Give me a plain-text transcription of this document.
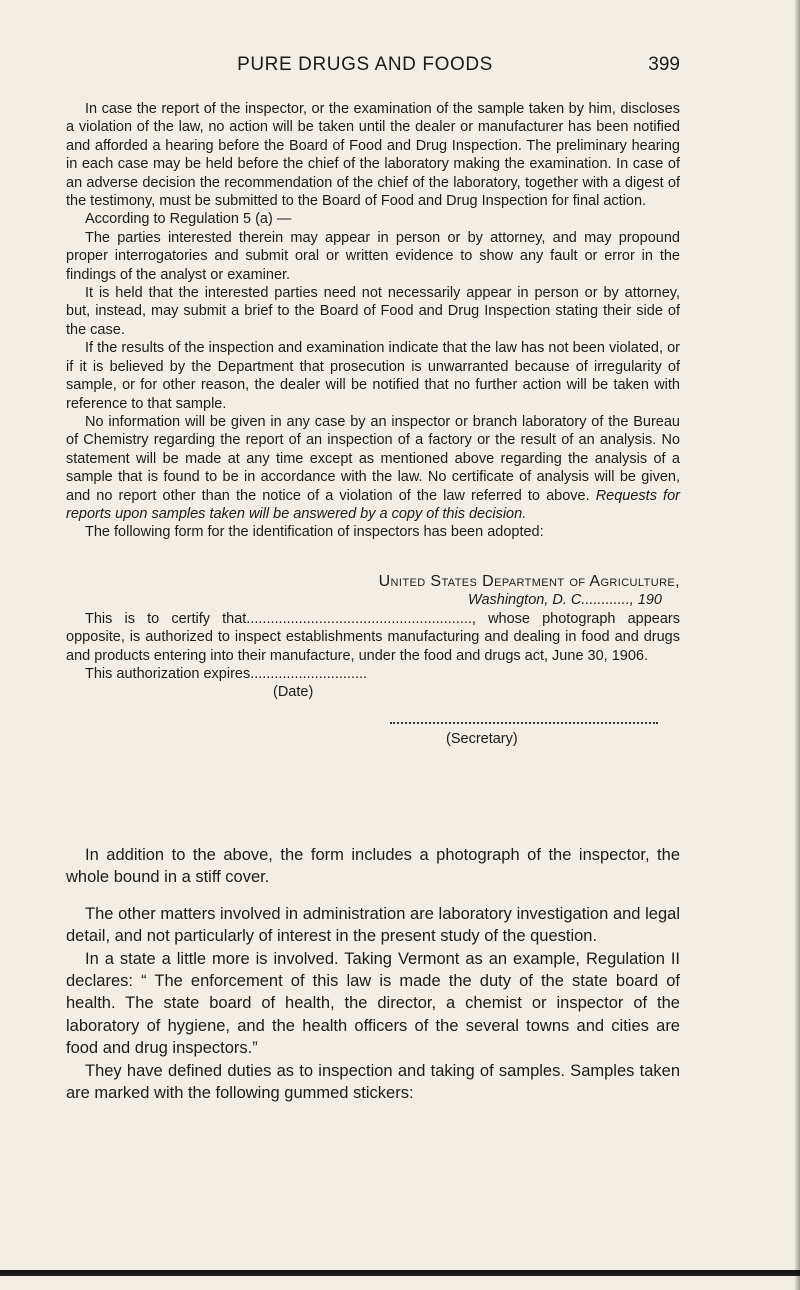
PURE DRUGS AND FOODS	399

In case the report of the inspector, or the examination of the sample taken by him, discloses a violation of the law, no action will be taken until the dealer or manufacturer has been notified and afforded a hearing before the Board of Food and Drug Inspection. The preliminary hearing in each case may be held before the chief of the laboratory making the examination. In case of an adverse decision the recommendation of the chief of the laboratory, together with a digest of the testimony, must be submitted to the Board of Food and Drug Inspection for final action.

According to Regulation 5 (a) —

The parties interested therein may appear in person or by attorney, and may propound proper interrogatories and submit oral or written evidence to show any fault or error in the findings of the analyst or examiner.

It is held that the interested parties need not necessarily appear in person or by attorney, but, instead, may submit a brief to the Board of Food and Drug Inspection stating their side of the case.

If the results of the inspection and examination indicate that the law has not been violated, or if it is believed by the Department that prosecution is unwarranted because of irregularity of sample, or for other reason, the dealer will be notified that no further action will be taken with reference to that sample.

No information will be given in any case by an inspector or branch laboratory of the Bureau of Chemistry regarding the report of an inspection of a factory or the result of an analysis. No statement will be made at any time except as mentioned above regarding the analysis of a sample that is found to be in accordance with the law. No certificate of analysis will be given, and no report other than the notice of a violation of the law referred to above. Requests for reports upon samples taken will be answered by a copy of this decision.

The following form for the identification of inspectors has been adopted:

United States Department of Agriculture,
Washington, D. C............, 190
This is to certify that........................................................, whose photograph appears opposite, is authorized to inspect establishments manufacturing and dealing in food and drugs and products entering into their manufacture, under the food and drugs act, June 30, 1906.
This authorization expires.............................
(Date)
(Secretary)

In addition to the above, the form includes a photograph of the inspector, the whole bound in a stiff cover.

The other matters involved in administration are laboratory investigation and legal detail, and not particularly of interest in the present study of the question.

In a state a little more is involved. Taking Vermont as an example, Regulation II declares: “ The enforcement of this law is made the duty of the state board of health. The state board of health, the director, a chemist or inspector of the laboratory of hygiene, and the health officers of the several towns and cities are food and drug inspectors.”

They have defined duties as to inspection and taking of samples. Samples taken are marked with the following gummed stickers:
